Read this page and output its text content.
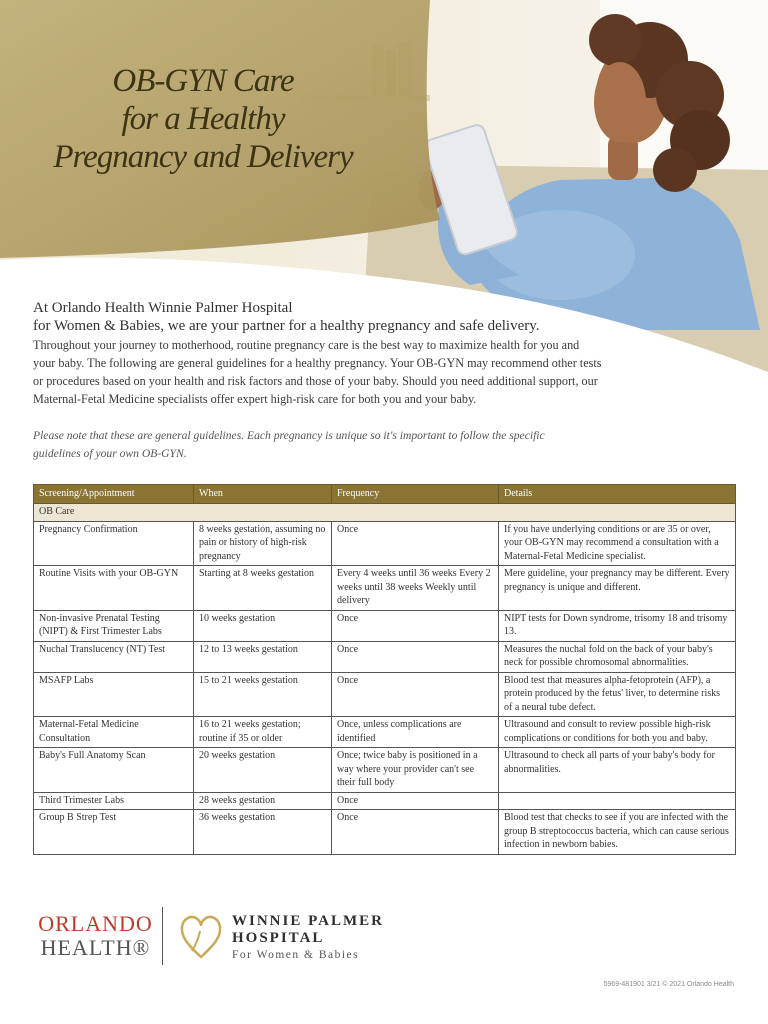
OB-GYN Care
for a Healthy
Pregnancy and Delivery
At Orlando Health Winnie Palmer Hospital
for Women & Babies, we are your partner for a healthy pregnancy and safe delivery.

Throughout your journey to motherhood, routine pregnancy care is the best way to maximize health for you and your baby. The following are general guidelines for a healthy pregnancy. Your OB-GYN may recommend other tests or procedures based on your health and risk factors and those of your baby. Should you need additional support, our Maternal-Fetal Medicine specialists offer expert high-risk care for both you and your baby.

Please note that these are general guidelines. Each pregnancy is unique so it's important to follow the specific guidelines of your own OB-GYN.

Screening/Appointment	When	Frequency	Details
OB Care			
Pregnancy Confirmation	8 weeks gestation, assuming no pain or history of high-risk pregnancy	Once	If you have underlying conditions or are 35 or over, your OB-GYN may recommend a consultation with a Maternal-Fetal Medicine specialist.
Routine Visits with your OB-GYN	Starting at 8 weeks gestation	Every 4 weeks until 36 weeks Every 2 weeks until 38 weeks Weekly until delivery	Mere guideline, your pregnancy may be different. Every pregnancy is unique and different.
Non-invasive Prenatal Testing (NIPT) & First Trimester Labs	10 weeks gestation	Once	NIPT tests for Down syndrome, trisomy 18 and trisomy 13.
Nuchal Translucency (NT) Test	12 to 13 weeks gestation	Once	Measures the nuchal fold on the back of your baby's neck for possible chromosomal abnormalities.
MSAFP Labs	15 to 21 weeks gestation	Once	Blood test that measures alpha-fetoprotein (AFP), a protein produced by the fetus' liver, to determine risks of a neural tube defect.
Maternal-Fetal Medicine Consultation	16 to 21 weeks gestation; routine if 35 or older	Once, unless complications are identified	Ultrasound and consult to review possible high-risk complications or conditions for both you and baby.
Baby's Full Anatomy Scan	20 weeks gestation	Once; twice baby is positioned in a way where your provider can't see their full body	Ultrasound to check all parts of your baby's body for abnormalities.
Third Trimester Labs	28 weeks gestation	Once	
Group B Strep Test	36 weeks gestation	Once	Blood test that checks to see if you are infected with the group B streptococcus bacteria, which can cause serious infection in newborn babies.
ORLANDO
HEALTH®
WINNIE PALMER
HOSPITAL
For Women & Babies
5969-481901 3/21 © 2021 Orlando Health
